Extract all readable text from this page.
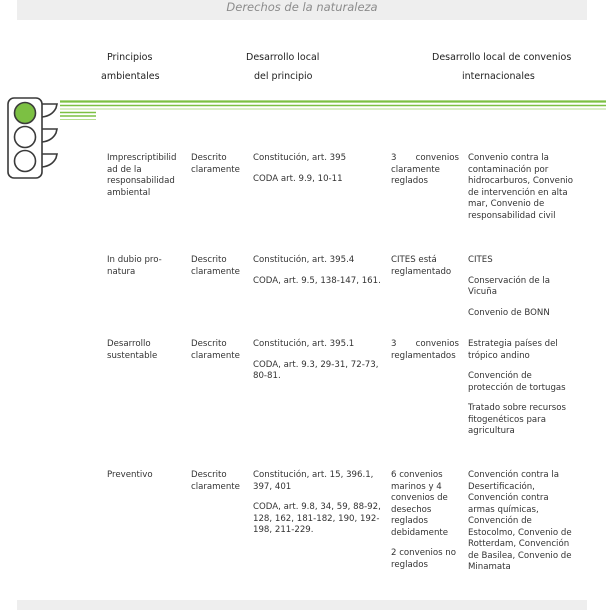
Derechos de la naturaleza
Principios
ambientales
Desarrollo local
del principio
Desarrollo local de convenios
internacionales
Imprescriptibilid
ad de la
responsabilidad
ambiental
Descrito
claramente

Constitución, art. 395

CODA art. 9.9, 10-11

3 convenios
claramente
reglados

Convenio contra la contaminación por hidrocarburos, Convenio de intervención en alta mar, Convenio de responsabilidad civil

In dubio pro-
natura
Descrito
claramente

Constitución, art. 395.4

CODA, art. 9.5, 138-147, 161.

CITES está
reglamentado

CITES

Conservación de la Vicuña

Convenio de BONN

Desarrollo
sustentable
Descrito
claramente

Constitución, art. 395.1

CODA, art. 9.3, 29-31, 72-73, 80-81.

3 convenios
reglamentados

Estrategia países del trópico andino

Convención de protección de tortugas

Tratado sobre recursos fitogenéticos para agricultura

Preventivo	Descrito
claramente

Constitución, art. 15, 396.1, 397, 401

CODA, art. 9.8, 34, 59, 88-92, 128, 162, 181-182, 190, 192-198, 211-229.

6 convenios marinos y 4 convenios de desechos reglados debidamente

2 convenios no reglados

Convención contra la Desertificación, Convención contra armas químicas, Convención de Estocolmo, Convenio de Rotterdam, Convención de Basilea, Convenio de Minamata
